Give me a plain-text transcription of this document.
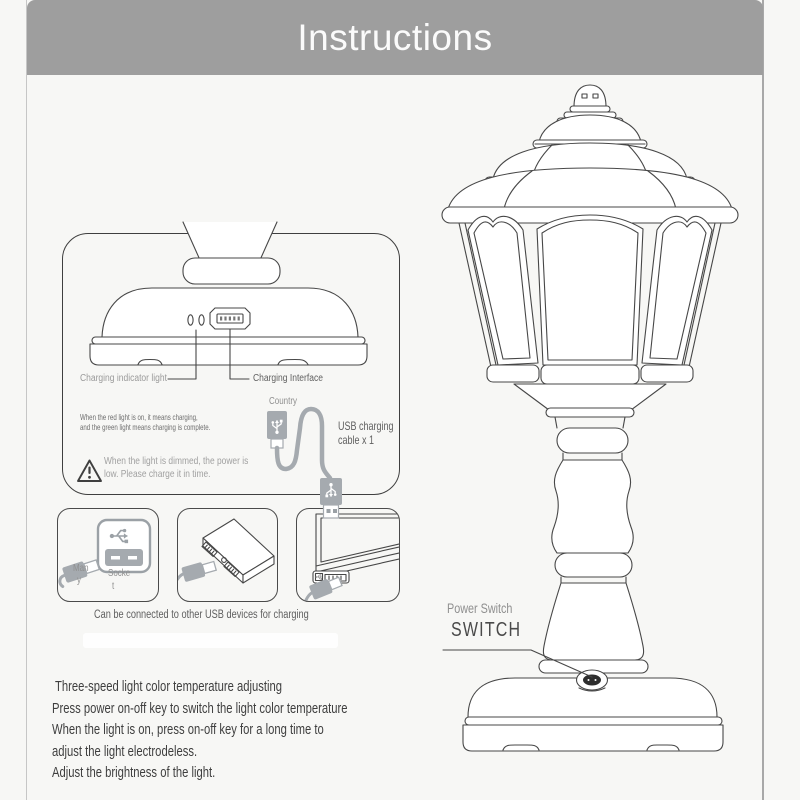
Instructions
Charging indicator light	Charging Interface
When the red light is on, it means charging,
and the green light means charging is complete.
Country
USB charging
cable x 1
When the light is dimmed, the power is
low. Please charge it in time.
Man
y
Socke
t
Can be connected to other USB devices for charging
Three-speed light color temperature adjusting
Press power on-off key to switch the light color temperature
When the light is on, press on-off key for a long time to
adjust the light electrodeless.
Adjust the brightness of the light.
Power Switch
SWITCH
